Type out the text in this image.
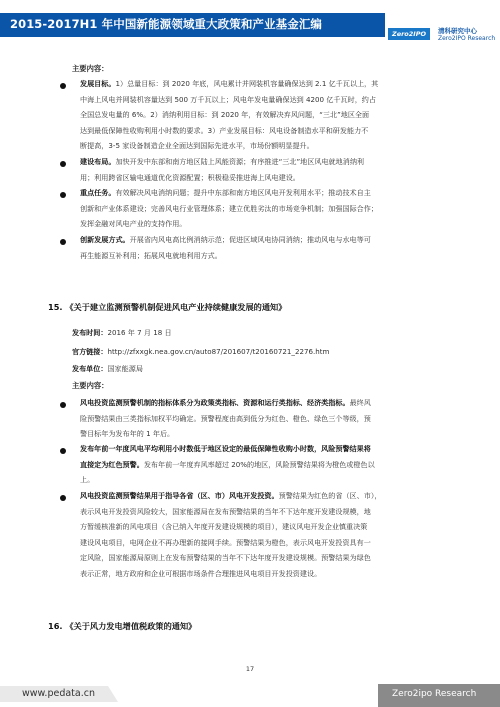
2015-2017H1 年中国新能源领域重大政策和产业基金汇编
Zero2IPO	清科研究中心
Zero2IPO Research
主要内容：
发展目标。1）总量目标：到 2020 年底，风电累计并网装机容量确保达到 2.1 亿千瓦以上，其
中海上风电并网装机容量达到 500 万千瓦以上；风电年发电量确保达到 4200 亿千瓦时，约占
全国总发电量的 6%。2）消纳利用目标：到 2020 年，有效解决弃风问题，“三北”地区全面
达到最低保障性收购利用小时数的要求。3）产业发展目标：风电设备制造水平和研发能力不
断提高，3-5 家设备制造企业全面达到国际先进水平，市场份额明显提升。
建设布局。加快开发中东部和南方地区陆上风能资源；有序推进“三北”地区风电就地消纳利
用；利用跨省区输电通道优化资源配置；积极稳妥推进海上风电建设。
重点任务。有效解决风电消纳问题；提升中东部和南方地区风电开发利用水平；推动技术自主
创新和产业体系建设；完善风电行业管理体系；建立优胜劣汰的市场竞争机制；加强国际合作；
发挥金融对风电产业的支持作用。
创新发展方式。开展省内风电高比例消纳示范；促进区域风电协同消纳；推动风电与水电等可
再生能源互补利用；拓展风电就地利用方式。
15. 《关于建立监测预警机制促进风电产业持续健康发展的通知》
发布时间：2016 年 7 月 18 日
官方链接：http://zfxxgk.nea.gov.cn/auto87/201607/t20160721_2276.htm
发布单位：国家能源局
主要内容：
风电投资监测预警机制的指标体系分为政策类指标、资源和运行类指标、经济类指标。最终风
险预警结果由三类指标加权平均确定。预警程度由高到低分为红色、橙色、绿色三个等级，预
警目标年为发布年的 1 年后。
发布年前一年度风电平均利用小时数低于地区设定的最低保障性收购小时数，风险预警结果将
直接定为红色预警。发布年前一年度弃风率超过 20%的地区，风险预警结果将为橙色或橙色以
上。
风电投资监测预警结果用于指导各省（区、市）风电开发投资。预警结果为红色的省（区、市），
表示风电开发投资风险较大，国家能源局在发布预警结果的当年不下达年度开发建设规模，地
方暂缓核准新的风电项目（含已纳入年度开发建设规模的项目），建议风电开发企业慎重决策
建设风电项目，电网企业不再办理新的接网手续。预警结果为橙色，表示风电开发投资具有一
定风险，国家能源局原则上在发布预警结果的当年不下达年度开发建设规模。预警结果为绿色
表示正常，地方政府和企业可根据市场条件合理推进风电项目开发投资建设。
16. 《关于风力发电增值税政策的通知》
17
www.pedata.cn	Zero2ipo Research
